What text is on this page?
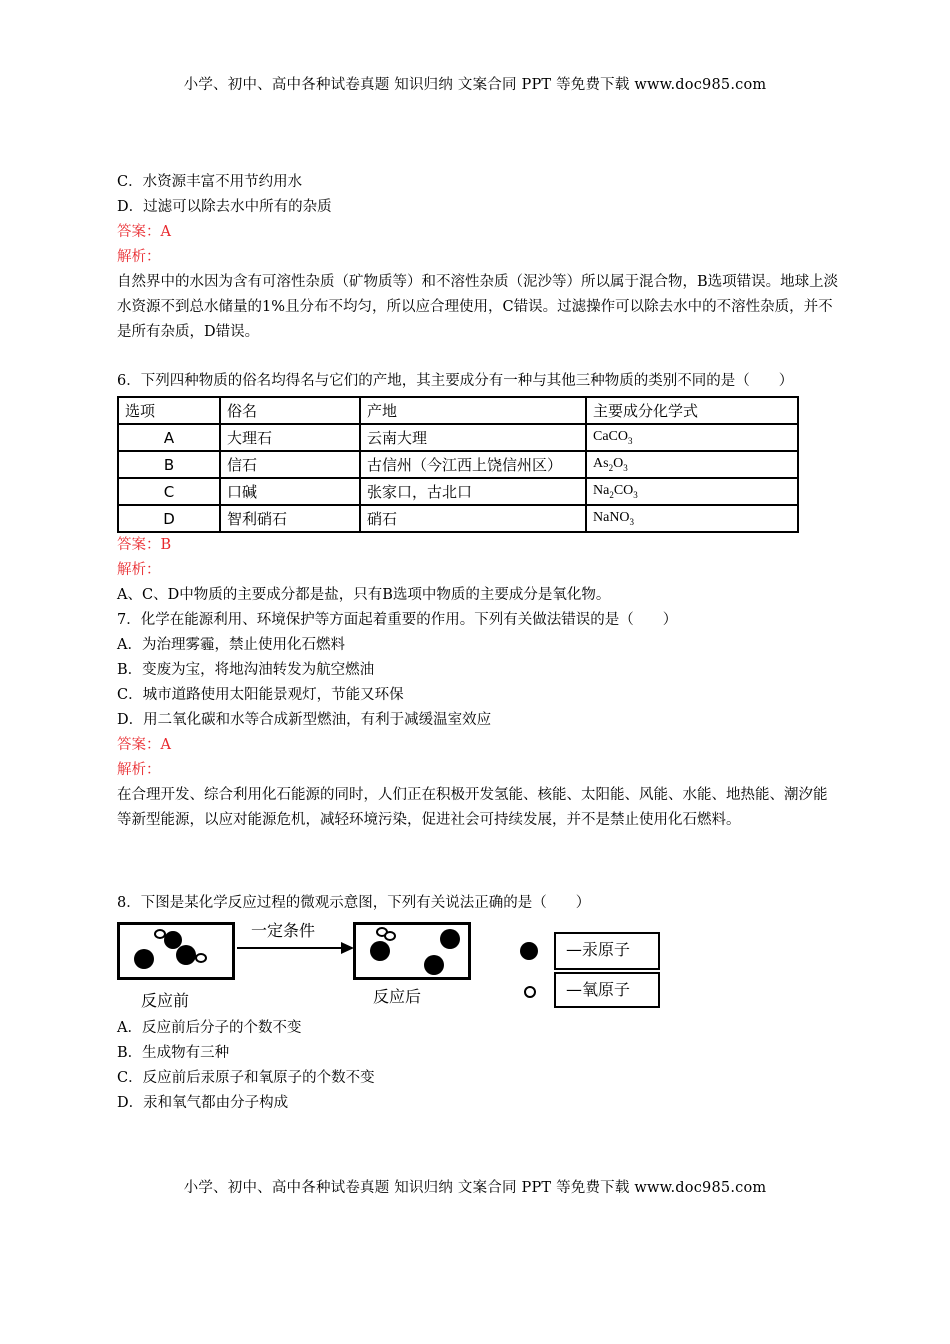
小学、初中、高中各种试卷真题 知识归纳 文案合同 PPT 等免费下载 www.doc985.com
C．水资源丰富不用节约用水
D．过滤可以除去水中所有的杂质
答案：A
解析：
自然界中的水因为含有可溶性杂质（矿物质等）和不溶性杂质（泥沙等）所以属于混合物，B选项错误。地球上淡水资源不到总水储量的1%且分布不均匀，所以应合理使用，C错误。过滤操作可以除去水中的不溶性杂质，并不是所有杂质，D错误。
6．下列四种物质的俗名均得名与它们的产地，其主要成分有一种与其他三种物质的类别不同的是（　　）
选项	俗名	产地	主要成分化学式
A	大理石	云南大理	CaCO$_3$
B	信石	古信州（今江西上饶信州区）	$As_2O_3$
C	口碱	张家口，古北口	$Na_2CO_3$
D	智利硝石	硝石	NaNO$_3$
答案：B
解析：
A、C、D中物质的主要成分都是盐，只有B选项中物质的主要成分是氧化物。
7．化学在能源利用、环境保护等方面起着重要的作用。下列有关做法错误的是（　　）
A．为治理雾霾，禁止使用化石燃料
B．变废为宝，将地沟油转发为航空燃油
C．城市道路使用太阳能景观灯，节能又环保
D．用二氧化碳和水等合成新型燃油，有利于减缓温室效应
答案：A
解析：
在合理开发、综合利用化石能源的同时，人们正在积极开发氢能、核能、太阳能、风能、水能、地热能、潮汐能等新型能源，以应对能源危机，减轻环境污染，促进社会可持续发展，并不是禁止使用化石燃料。
8．下图是某化学反应过程的微观示意图，下列有关说法正确的是（　　）
一定条件
反应前	反应后
—汞原子
—氧原子
A．反应前后分子的个数不变
B．生成物有三种
C．反应前后汞原子和氧原子的个数不变
D．汞和氧气都由分子构成
小学、初中、高中各种试卷真题 知识归纳 文案合同 PPT 等免费下载 www.doc985.com
